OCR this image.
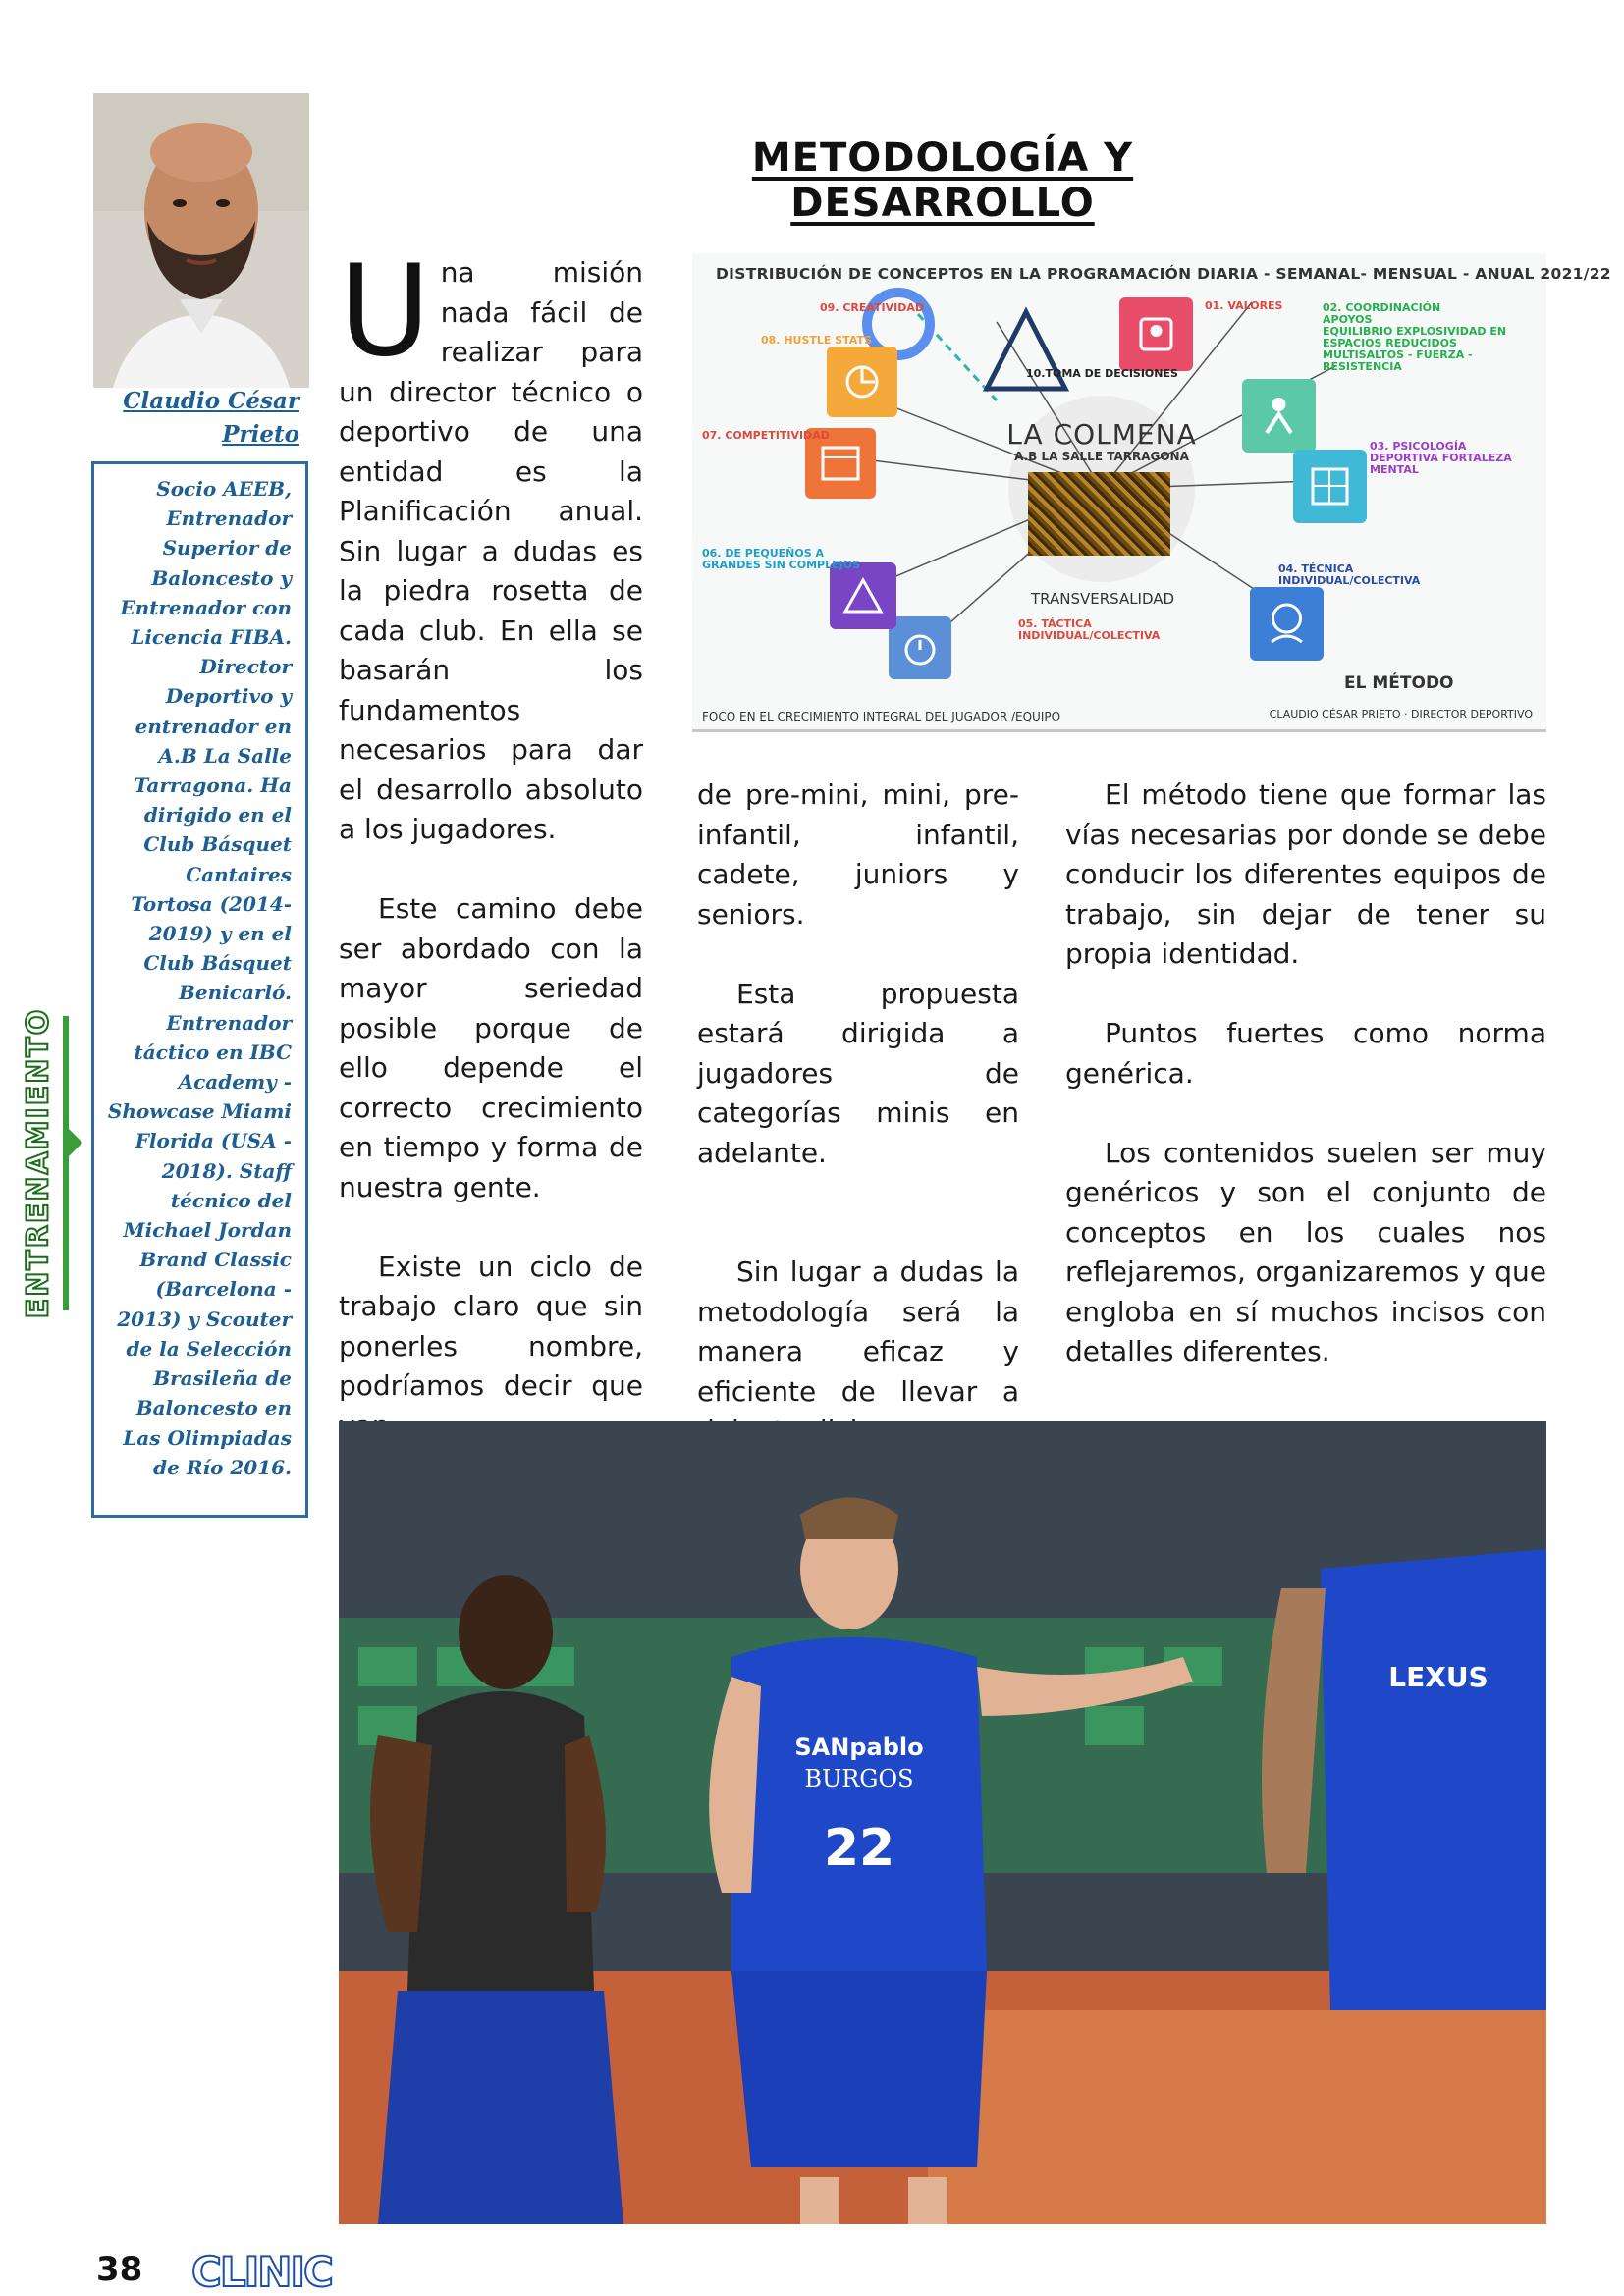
Claudio César
Prieto
Socio AEEB, Entrenador Superior de Baloncesto y Entrenador con Licencia FIBA. Director Deportivo y entrenador en A.B La Salle Tarragona. Ha dirigido en el Club Básquet Cantaires Tortosa (2014-2019) y en el Club Básquet Benicarló. Entrenador táctico en IBC Academy - Showcase Miami Florida (USA - 2018). Staff técnico del Michael Jordan Brand Classic (Barcelona - 2013) y Scouter de la Selección Brasileña de Baloncesto en Las Olimpiadas de Río 2016.
ENTRENAMIENTO
METODOLOGÍA Y DESARROLLO

Una misión nada fácil de realizar para un director técnico o deportivo de una entidad es la Planificación anual. Sin lugar a dudas es la piedra rosetta de cada club. En ella se basarán los fundamentos necesarios para dar el desarrollo absoluto a los jugadores.

Este camino debe ser abordado con la mayor seriedad posible porque de ello depende el correcto crecimiento en tiempo y forma de nuestra gente.

Existe un ciclo de trabajo claro que sin ponerles nombre, podríamos decir que

DISTRIBUCIÓN DE CONCEPTOS EN LA PROGRAMACIÓN DIARIA - SEMANAL- MENSUAL - ANUAL 2021/22
LA COLMENA
A.B LA SALLE TARRAGONA
TRANSVERSALIDAD
09. CREATIVIDAD
08. HUSTLE STATS
10.TOMA DE DECISIONES
07. COMPETITIVIDAD
01. VALORES	02. COORDINACIÓN
APOYOS
EQUILIBRIO EXPLOSIVIDAD EN
ESPACIOS REDUCIDOS
MULTISALTOS - FUERZA -
RESISTENCIA
03. PSICOLOGÍA
DEPORTIVA FORTALEZA
MENTAL
04. TÉCNICA
INDIVIDUAL/COLECTIVA
05. TÁCTICA
INDIVIDUAL/COLECTIVA
06. DE PEQUEÑOS A
GRANDES SIN COMPLEJOS
EL MÉTODO
FOCO EN EL CRECIMIENTO INTEGRAL DEL JUGADOR /EQUIPO	CLAUDIO CÉSAR PRIETO · DIRECTOR DEPORTIVO

de pre-mini, mini, pre-infantil, infantil, cadete, juniors y seniors.

Esta propuesta estará dirigida a jugadores de categorías minis en adelante.

Sin lugar a dudas la metodología será la manera eficaz y eficiente de llevar a

El método tiene que formar las vías necesarias por donde se debe conducir los diferentes equipos de trabajo, sin dejar de tener su propia identidad.

Puntos fuertes como norma genérica.

Los contenidos suelen ser muy genéricos y son el conjunto de conceptos en los cuales nos reflejaremos, organizaremos y que engloba en sí muchos incisos con detalles diferentes.

22
SANpablo
BURGOS
LEXUS
38 CLINIC
